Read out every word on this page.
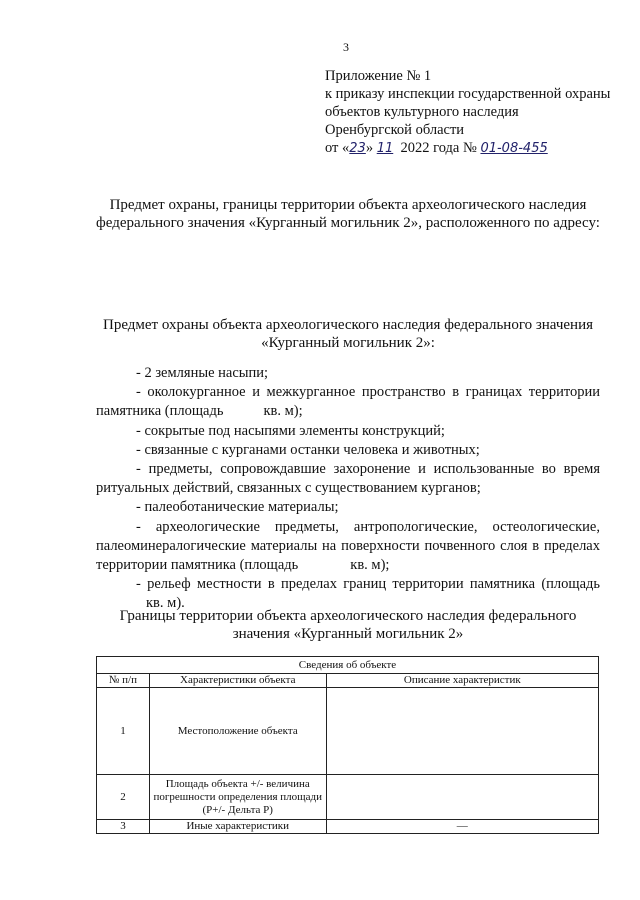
3
Приложение № 1
к приказу инспекции государственной охраны
объектов культурного наследия
Оренбургской области
от «23» 11 2022 года № 01-08-455
Предмет охраны, границы территории объекта археологического наследия федерального значения «Курганный могильник 2», расположенного по адресу:
Предмет охраны объекта археологического наследия федерального значения «Курганный могильник 2»:

- 2 земляные насыпи;

- околокурганное и межкурганное пространство в границах территории памятника (площадь	кв. м);

- сокрытые под насыпями элементы конструкций;

- связанные с курганами останки человека и животных;

- предметы, сопровождавшие захоронение и использованные во время ритуальных действий, связанных с существованием курганов;

- палеоботанические материалы;

- археологические предметы, антропологические, остеологические, палеоминералогические материалы на поверхности почвенного слоя в пределах территории памятника (площадь	кв. м);

- рельеф местности в пределах границ территории памятника (площадькв. м).

Границы территории объекта археологического наследия федерального значения «Курганный могильник 2»
Сведения об объекте		
№ п/п	Характеристики объекта	Описание характеристик
1	Местоположение объекта	
2	Площадь объекта +/- величина погрешности определения площади (Р+/- Дельта Р)	
3	Иные характеристики	—
